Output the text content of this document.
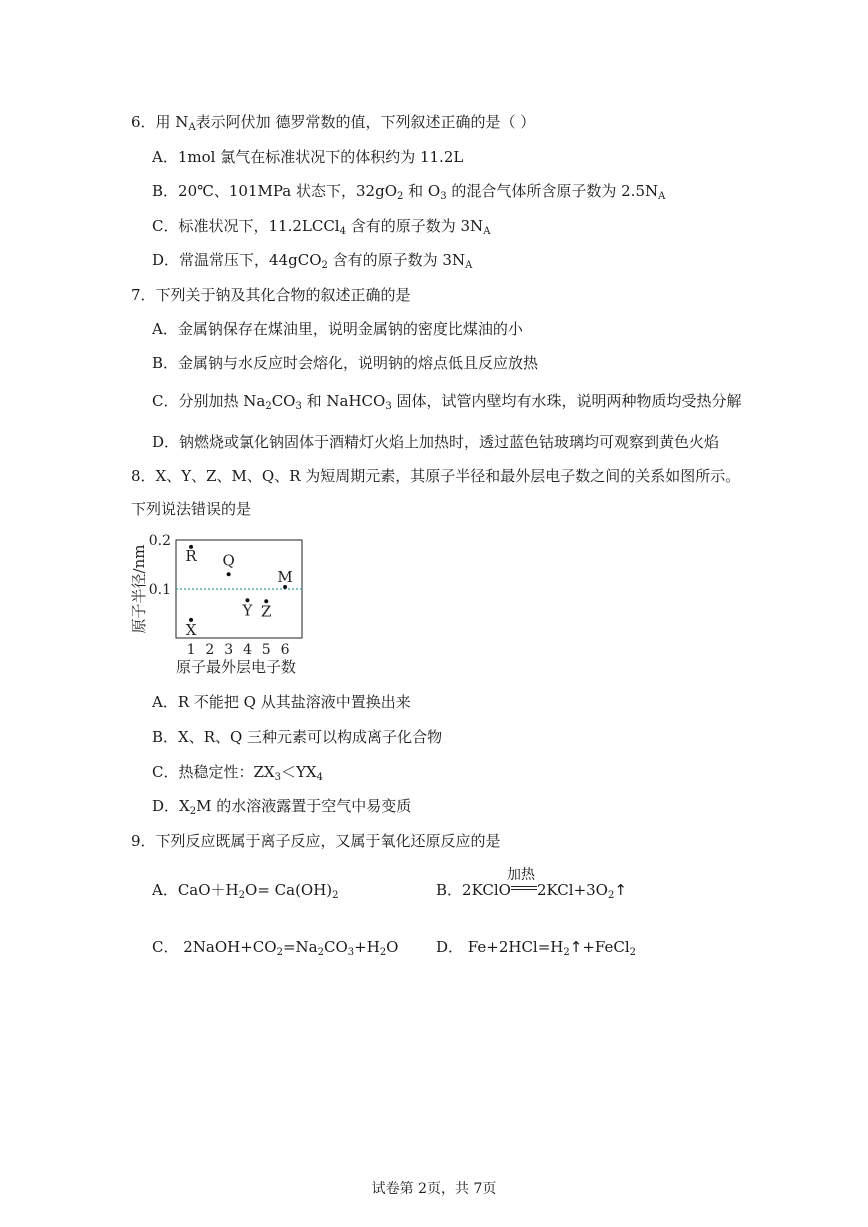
6．用 $N_A$表示阿伏加 德罗常数的值，下列叙述正确的是（ ）
A．1mol 氯气在标准状况下的体积约为 11.2L
B．20℃、101MPa 状态下，$32gO_2$ 和 $O_3$ 的混合气体所含原子数为 $2.5N_A$
C．标准状况下，11.2LCCl$_4$ 含有的原子数为 $3N_A$
D．常温常压下，44gCO$_2$ 含有的原子数为 $3N_A$
7．下列关于钠及其化合物的叙述正确的是
A．金属钠保存在煤油里，说明金属钠的密度比煤油的小
B．金属钠与水反应时会熔化，说明钠的熔点低且反应放热
C．分别加热 $Na_2CO_3$ 和 NaHCO$_3$ 固体，试管内壁均有水珠，说明两种物质均受热分解
D．钠燃烧或氯化钠固体于酒精灯火焰上加热时，透过蓝色钴玻璃均可观察到黄色火焰
8．X、Y、Z、M、Q、R 为短周期元素，其原子半径和最外层电子数之间的关系如图所示。
下列说法错误的是
原子半径/nm
原子最外层电子数
0.1
0.2
1 2 3 4 5 6
R Q
M
X
Y Z
A．R 不能把 Q 从其盐溶液中置换出来
B．X、R、Q 三种元素可以构成离子化合物
C．热稳定性：$ZX_3<YX_4$
D．$X_2M$ 的水溶液露置于空气中易变质
9．下列反应既属于离子反应，又属于氧化还原反应的是
A．$CaO+H_2O= Ca(OH)_2$	B．2KClO $2KCl+3O_2↑$
加热
C． $2NaOH+CO_2=Na_2CO_3+H_2O$	D． $Fe+2HCl=H_2↑+FeCl_2$
试卷第 2页，共 7页
